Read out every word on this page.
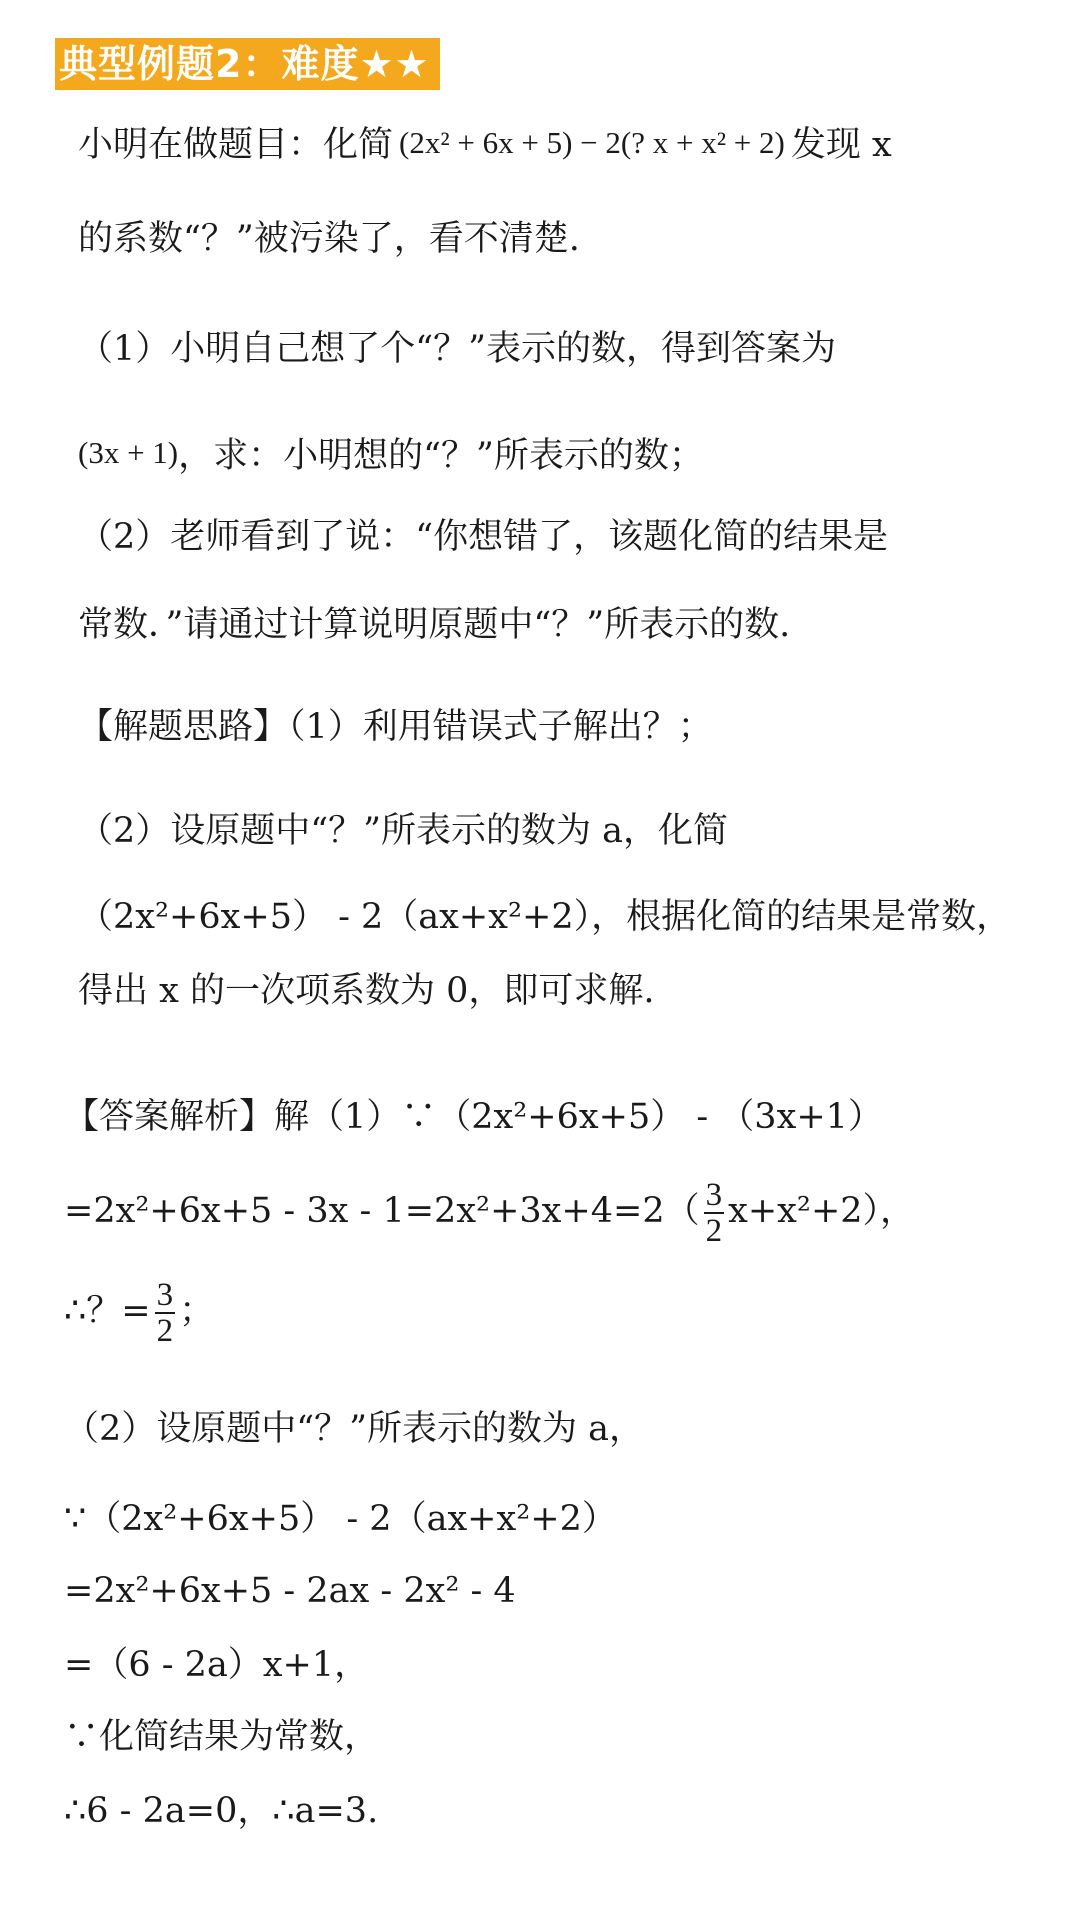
典型例题2：难度★★
小明在做题目：化简 (2x² + 6x + 5) − 2(? x + x² + 2) 发现 x
的系数“？”被污染了，看不清楚.
（1）小明自己想了个“？”表示的数，得到答案为
(3x + 1)，求：小明想的“？”所表示的数；
（2）老师看到了说：“你想错了，该题化简的结果是
常数．”请通过计算说明原题中“？”所表示的数.
【解题思路】（1）利用错误式子解出？；
（2）设原题中“？”所表示的数为 a，化简
（2x²+6x+5） - 2（ax+x²+2），根据化简的结果是常数，
得出 x 的一次项系数为 0，即可求解.
【答案解析】解（1）∵（2x²+6x+5） - （3x+1）
$=2x^2+6x+5 - 3x - 1=2x^2+3x+4=2( \frac{3}{2} x+x^2+2)$，
∴？= $\frac{3}{2}$ ；
（2）设原题中“？”所表示的数为 a，
∵（2x²+6x+5） - 2（ax+x²+2）
=2x²+6x+5 - 2ax - 2x² - 4
=（6 - 2a）x+1，
∵化简结果为常数，
∴6 - 2a=0，∴a=3.
